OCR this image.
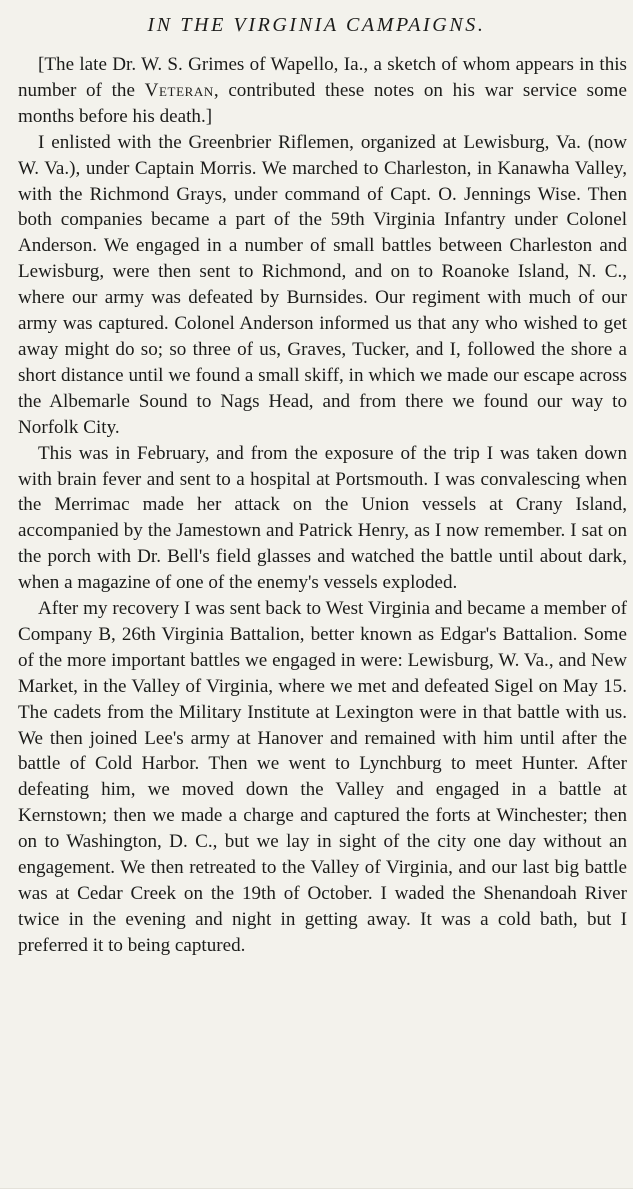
IN THE VIRGINIA CAMPAIGNS.

[The late Dr. W. S. Grimes of Wapello, Ia., a sketch of whom appears in this number of the Veteran, contributed these notes on his war service some months before his death.]

I enlisted with the Greenbrier Riflemen, organized at Lewisburg, Va. (now W. Va.), under Captain Morris. We marched to Charleston, in Kanawha Valley, with the Richmond Grays, under command of Capt. O. Jennings Wise. Then both companies became a part of the 59th Virginia Infantry under Colonel Anderson. We engaged in a number of small battles between Charleston and Lewisburg, were then sent to Richmond, and on to Roanoke Island, N. C., where our army was defeated by Burnsides. Our regiment with much of our army was captured. Colonel Anderson informed us that any who wished to get away might do so; so three of us, Graves, Tucker, and I, followed the shore a short distance until we found a small skiff, in which we made our escape across the Albemarle Sound to Nags Head, and from there we found our way to Norfolk City.

This was in February, and from the exposure of the trip I was taken down with brain fever and sent to a hospital at Portsmouth. I was convalescing when the Merrimac made her attack on the Union vessels at Crany Island, accompanied by the Jamestown and Patrick Henry, as I now remember. I sat on the porch with Dr. Bell's field glasses and watched the battle until about dark, when a magazine of one of the enemy's vessels exploded.

After my recovery I was sent back to West Virginia and became a member of Company B, 26th Virginia Battalion, better known as Edgar's Battalion. Some of the more important battles we engaged in were: Lewisburg, W. Va., and New Market, in the Valley of Virginia, where we met and defeated Sigel on May 15. The cadets from the Military Institute at Lexington were in that battle with us. We then joined Lee's army at Hanover and remained with him until after the battle of Cold Harbor. Then we went to Lynchburg to meet Hunter. After defeating him, we moved down the Valley and engaged in a battle at Kernstown; then we made a charge and captured the forts at Winchester; then on to Washington, D. C., but we lay in sight of the city one day without an engagement. We then retreated to the Valley of Virginia, and our last big battle was at Cedar Creek on the 19th of October. I waded the Shenandoah River twice in the evening and night in getting away. It was a cold bath, but I preferred it to being captured.
